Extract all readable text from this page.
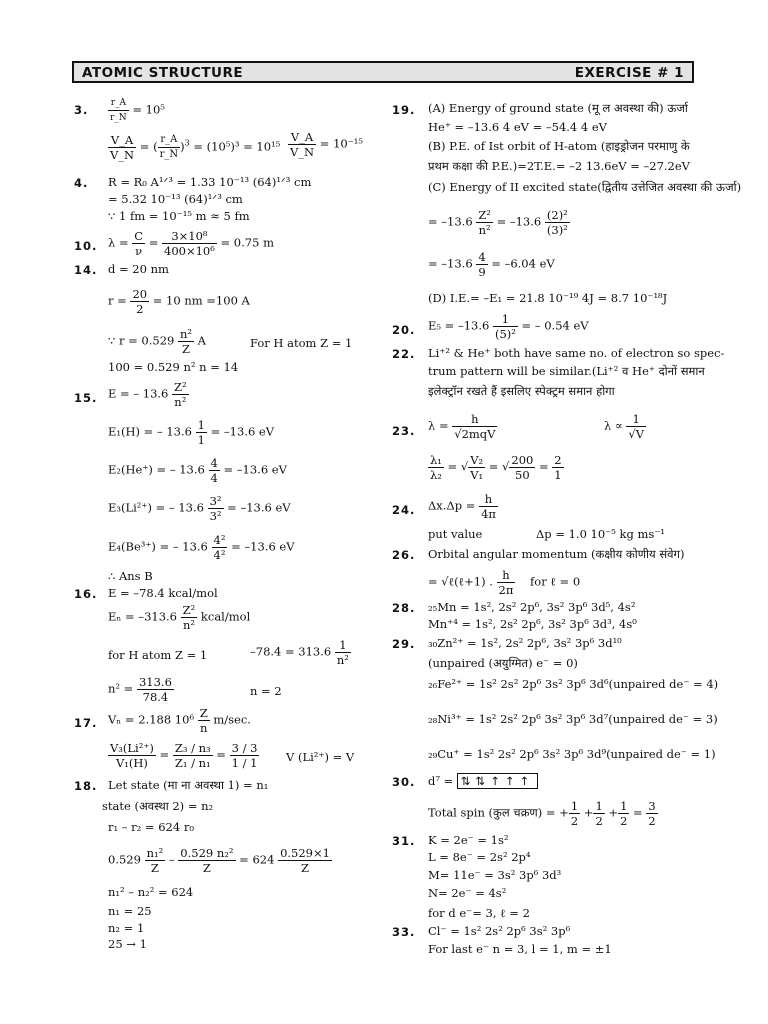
ATOMIC STRUCTURE	EXERCISE # 1
3. $\frac{r\_A}{r\_N} = 10^5$
$\frac{V\_A}{V\_N}$ = ( $\frac{r\_A}{r\_N} )^3 = (10^5)^3 = 10^{15} \frac{V\_A}{V\_N} = 10^{-15}$
4. R = R₀ A¹ᐟ³ = 1.33 10⁻¹³ (64)¹ᐟ³ cm
= 5.32 10⁻¹³ (64)¹ᐟ³ cm
∵ 1 fm = 10⁻¹⁵ m ≈ 5 fm
10. $\lambda = \frac{C}{\nu} = \frac{\text{3×10⁸}}{\text{400×10⁶}} = 0.75$ m
14. d = 20 nm
$r = \frac{20}{2} = 10$ nm =100 A
∵ $r = 0.529 \frac{\text{n²}}{Z}$ A	For H atom Z = 1
100 = 0.529 n² n = 14
15. E = – $13.6 \frac{\text{Z²}}{\text{n²}}$
E₁(H) = – $13.6 \frac{1}{1} = -13.6$ eV
E₂(He⁺) = – $13.6 \frac{4}{4} = -13.6$ eV
E₃(Li²⁺) = – $13.6 \frac{\text{3²}}{\text{3²}} = -13.6$ eV
E₄(Be³⁺) = – $13.6 \frac{\text{4²}}{\text{4²}} = -13.6$ eV
∴ Ans B
16. E = –78.4 kcal/mol
$E_n = -313.6 \frac{\text{Z²}}{\text{n²}}$ kcal/mol
for H atom Z = 1	$-78.4 = 313.6 \frac{1}{\text{n²}}$
$n^2 = \frac{313.6}{78.4}$	n = 2
17. Vₙ = 2.188 $10^6 \frac{Z}{n} m/\sec$.
$\frac{\text{V₃(Li²⁺)}}{\text{V₁(H)}} = \frac{\text{Z₃ / n₃}}{\text{Z₁ / n₁}} = \frac{3 / 3}{1 / 1}$ V (Li²⁺) = V
18. Let state (मा ना अवस्था 1) = n₁
state (अवस्था 2) = n₂
r₁ – r₂ = 624 r₀
$0.529 \frac{\text{n₁²}}{Z} - \frac{\text{0.529 n₂²}}{Z} = 624 \frac{0.529\times 1}{Z}$
n₁² – n₂² = 624
n₁ = 25
n₂ = 1
25 → 1
19. (A) Energy of ground state (मू ल अवस्था की) ऊर्जा
He⁺ = –13.6 4 eV = –54.4 4 eV
(B) P.E. of Ist orbit of H-atom (हाइड्रोजन परमाणु के
प्रथम कक्षा की P.E.)=2T.E.= –2 13.6eV = –27.2eV
(C) Energy of II excited state(द्वितीय उत्तेजित अवस्था की ऊर्जा)
= $-13.6 \frac{\text{Z²}}{\text{n²}} = -13.6 \frac{\text{(2)²}}{\text{(3)²}}$
= $-13.6 \frac{4}{9} = -6.04$ eV
(D) I.E.= –E₁ = 21.8 10⁻¹⁹ 4J = 8.7 10⁻¹⁸J
20. $E_5 = -13.6 \frac{1}{\text{(5)²}}$ = – 0.54 eV
22. Li⁺² & He⁺ both have same no. of electron so spec-
trum pattern will be similar.(Li⁺² व He⁺ दोनों समान
इलेक्ट्रॉन रखते हैं इसलिए स्पेक्ट्रम समान होगा
23. $\lambda = \frac{h}{\text{√2mqV}}$	$\lambda \propto \frac{1}{√V}$
$\frac{\text{λ₁}}{\text{λ₂}}$ = √ $\frac{\text{V₂}}{\text{V₁}}$ = √ $\frac{200}{50} = \frac{2}{1}$
24. $\Delta x.\Delta p = \frac{h}{4\pi}$
put value	Δp = 1.0 10⁻⁵ kg ms⁻¹
26. Orbital angular momentum (कक्षीय कोणीय संवेग)
= √ℓ(ℓ+1) . $\frac{h}{2\pi}$ for ℓ = 0
28. ₂₅Mn = 1s², 2s² 2p⁶, 3s² 3p⁶ 3d⁵, 4s²
Mn⁺⁴ = 1s², 2s² 2p⁶, 3s² 3p⁶ 3d³, 4s⁰
29. ₃₀Zn²⁺ = 1s², 2s² 2p⁶, 3s² 3p⁶ 3d¹⁰
(unpaired (अयुग्मित) e⁻ = 0)
₂₆Fe²⁺ = 1s² 2s² 2p⁶ 3s² 3p⁶ 3d⁶(unpaired de⁻ = 4)
₂₈Ni³⁺ = 1s² 2s² 2p⁶ 3s² 3p⁶ 3d⁷(unpaired de⁻ = 3)
₂₉Cu⁺ = 1s² 2s² 2p⁶ 3s² 3p⁶ 3d⁹(unpaired de⁻ = 1)
30. d⁷ = ⇅⇅↑↑↑
Total spin (कुल चक्रण) = + $\frac{1}{2} + \frac{1}{2} + \frac{1}{2} = \frac{3}{2}$
31. K = 2e⁻ = 1s²
L = 8e⁻ = 2s² 2p⁴
M= 11e⁻ = 3s² 3p⁶ 3d³
N= 2e⁻ = 4s²
for d e⁻= 3, ℓ = 2
33. Cl⁻ = 1s² 2s² 2p⁶ 3s² 3p⁶
For last e⁻ n = 3, l = 1, m = ±1
